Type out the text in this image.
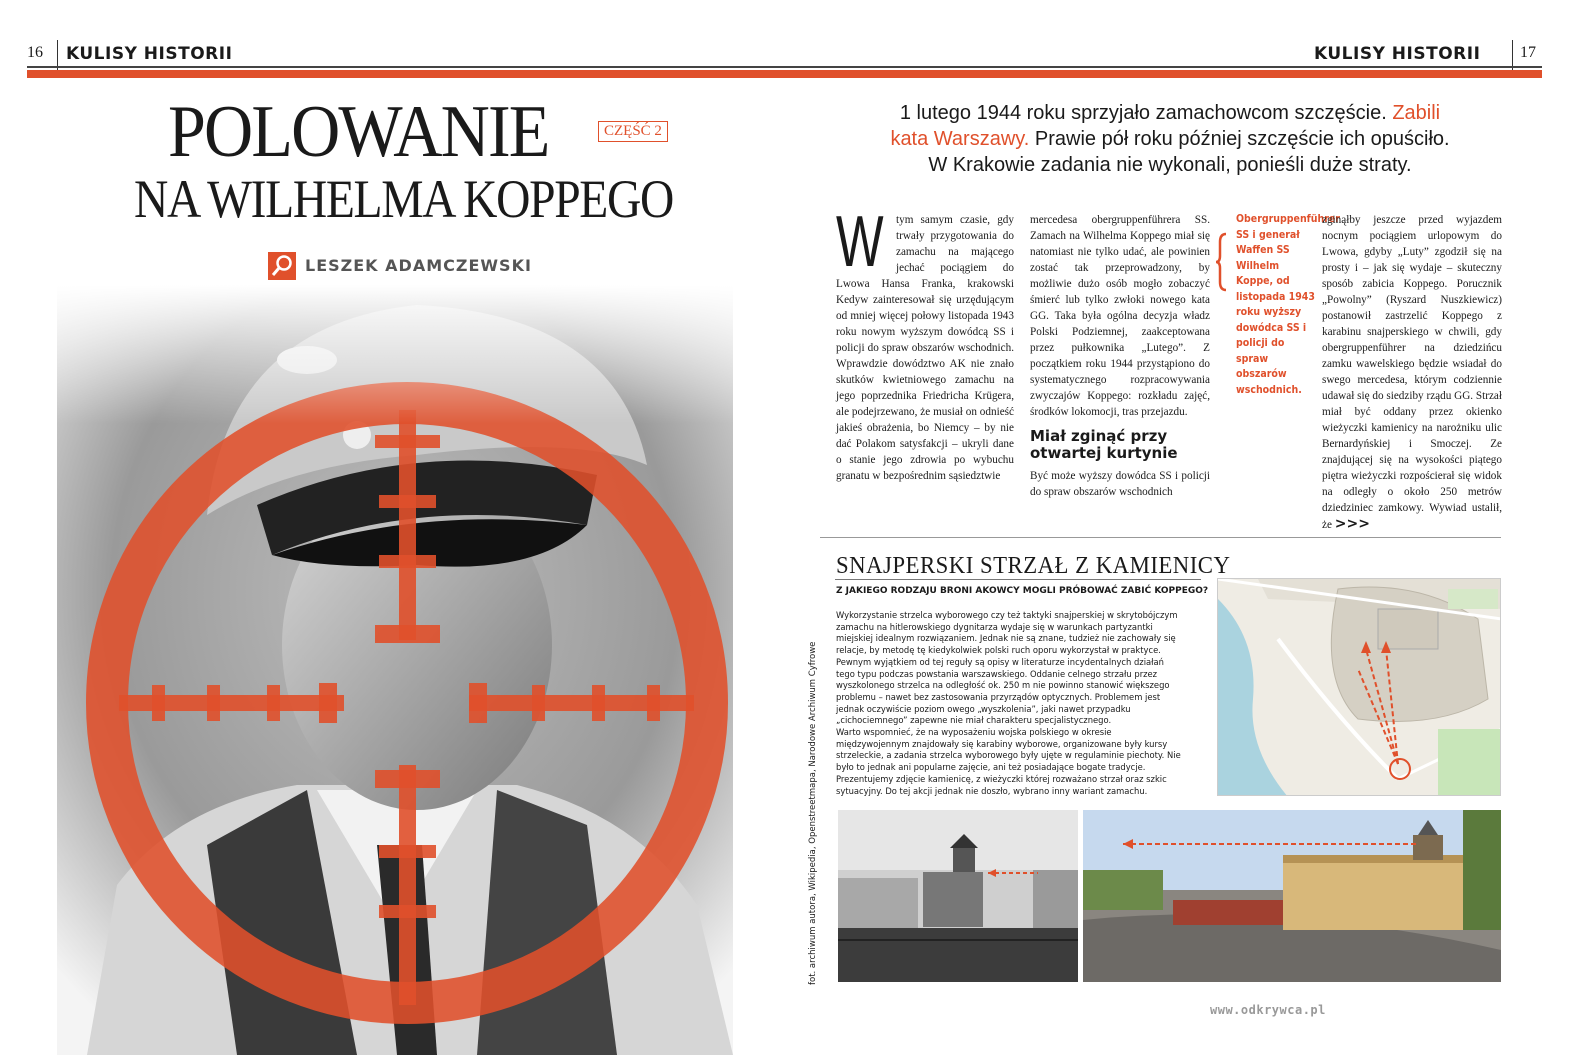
16 KULISY HISTORII	KULISY HISTORII 17
POLOWANIE	CZĘŚĆ 2
NA WILHELMA KOPPEGO
LESZEK ADAMCZEWSKI
1 lutego 1944 roku sprzyjało zamachowcom szczęście. Zabili kata Warszawy. Prawie pół roku później szczęście ich opuściło. W Krakowie zadania nie wykonali, ponieśli duże straty.
W tym samym czasie, gdy trwały przygotowania do zamachu na mającego jechać pociągiem do Lwowa Hansa Franka, krakowski Kedyw zainteresował się urzędującym od mniej więcej połowy listopada 1943 roku nowym wyższym dowódcą SS i policji do spraw obszarów wschodnich. Wprawdzie dowództwo AK nie znało skutków kwietniowego zamachu na jego poprzednika Friedricha Krügera, ale podejrzewano, że musiał on odnieść jakieś obrażenia, bo Niemcy – by nie dać Polakom satysfakcji – ukryli dane o stanie jego zdrowia po wybuchu granatu w bezpośrednim sąsiedztwie
mercedesa obergruppenführera SS. Zamach na Wilhelma Koppego miał się natomiast nie tylko udać, ale powinien zostać tak przeprowadzony, by możliwie dużo osób mogło zobaczyć śmierć lub tylko zwłoki nowego kata GG. Taka była ogólna decyzja władz Polski Podziemnej, zaakceptowana przez pułkownika „Lutego”. Z początkiem roku 1944 przystąpiono do systematycznego rozpracowywania zwyczajów Koppego: rozkładu zajęć, środków lokomocji, tras przejazdu.
Miał zginąć przy otwartej kurtynie
Być może wyższy dowódca SS i policji do spraw obszarów wschodnich
Obergruppenführer SS i generał Waffen SS Wilhelm Koppe, od listopada 1943 roku wyższy dowódca SS i policji do spraw obszarów wschodnich.
zginąłby jeszcze przed wyjazdem nocnym pociągiem urlopowym do Lwowa, gdyby „Luty” zgodził się na prosty i – jak się wydaje – skuteczny sposób zabicia Koppego. Porucznik „Powolny” (Ryszard Nuszkiewicz) postanowił zastrzelić Koppego z karabinu snajperskiego w chwili, gdy obergruppenführer na dziedzińcu zamku wawelskiego będzie wsiadał do swego mercedesa, którym codziennie udawał się do siedziby rządu GG. Strzał miał być oddany przez okienko wieżyczki kamienicy na narożniku ulic Bernardyńskiej i Smoczej. Ze znajdującej się na wysokości piątego piętra wieżyczki rozpościerał się widok na odległy o około 250 metrów dziedziniec zamkowy. Wywiad ustalił, że >>>
SNAJPERSKI STRZAŁ Z KAMIENICY
Z JAKIEGO RODZAJU BRONI AKOWCY MOGLI PRÓBOWAĆ ZABIĆ KOPPEGO?
Wykorzystanie strzelca wyborowego czy też taktyki snajperskiej w skrytobójczym zamachu na hitlerowskiego dygnitarza wydaje się w warunkach partyzantki miejskiej idealnym rozwiązaniem. Jednak nie są znane, tudzież nie zachowały się relacje, by metodę tę kiedykolwiek polski ruch oporu wykorzystał w praktyce. Pewnym wyjątkiem od tej reguły są opisy w literaturze incydentalnych działań tego typu podczas powstania warszawskiego. Oddanie celnego strzału przez wyszkolonego strzelca na odległość ok. 250 m nie powinno stanowić większego problemu – nawet bez zastosowania przyrządów optycznych. Problemem jest jednak oczywiście poziom owego „wyszkolenia”, jaki nawet przypadku „cichociemnego” zapewne nie miał charakteru specjalistycznego.
Warto wspomnieć, że na wyposażeniu wojska polskiego w okresie międzywojennym znajdowały się karabiny wyborowe, organizowane były kursy strzeleckie, a zadania strzelca wyborowego były ujęte w regulaminie piechoty. Nie było to jednak ani popularne zajęcie, ani też posiadające bogate tradycje.
Prezentujemy zdjęcie kamienicę, z wieżyczki której rozważano strzał oraz szkic sytuacyjny. Do tej akcji jednak nie doszło, wybrano inny wariant zamachu.
fot. archiwum autora, Wikipedia, Openstreetmapa, Narodowe Archiwum Cyfrowe
www.odkrywca.pl
